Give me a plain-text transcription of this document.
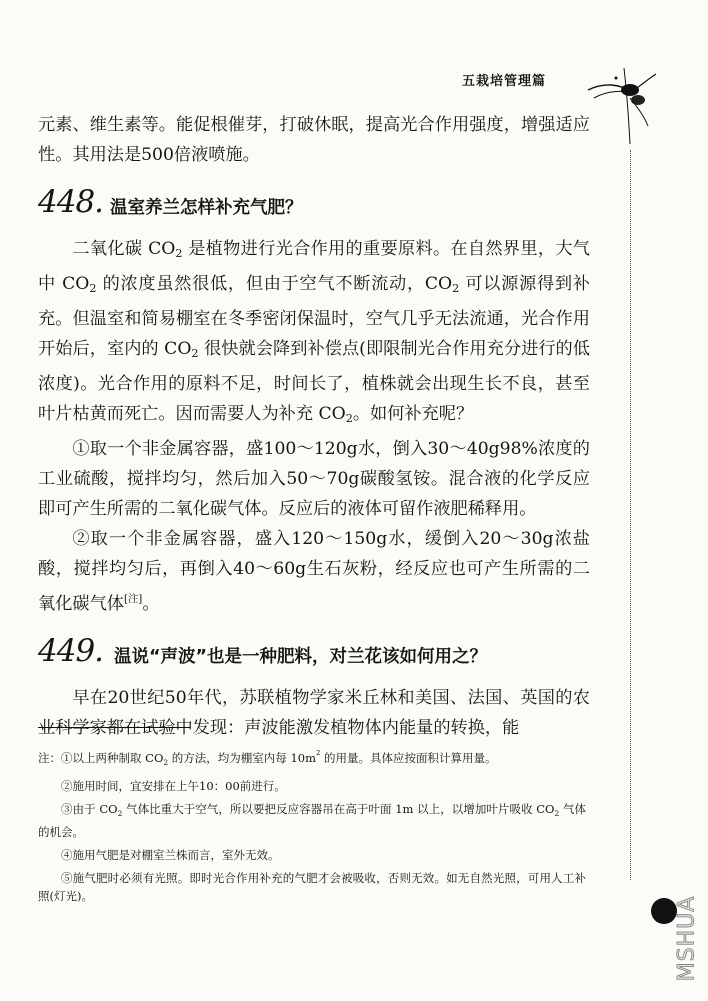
五栽培管理篇

元素、维生素等。能促根催芽，打破休眠，提高光合作用强度，增强适应性。其用法是500倍液喷施。

448. 温室养兰怎样补充气肥？

二氧化碳 $CO_2$ 是植物进行光合作用的重要原料。在自然界里，大气中 $CO_2$ 的浓度虽然很低，但由于空气不断流动，$CO_2$ 可以源源得到补充。但温室和简易棚室在冬季密闭保温时，空气几乎无法流通，光合作用开始后，室内的 $CO_2$ 很快就会降到补偿点(即限制光合作用充分进行的低浓度)。光合作用的原料不足，时间长了，植株就会出现生长不良，甚至叶片枯黄而死亡。因而需要人为补充 $CO_2$。如何补充呢？

①取一个非金属容器，盛100～120g水，倒入30～40g98%浓度的工业硫酸，搅拌均匀，然后加入50～70g碳酸氢铵。混合液的化学反应即可产生所需的二氧化碳气体。反应后的液体可留作液肥稀释用。

②取一个非金属容器，盛入120～150g水，缓倒入20～30g浓盐酸，搅拌均匀后，再倒入40～60g生石灰粉，经反应也可产生所需的二氧化碳气体[注]。

449. 温说“声波”也是一种肥料，对兰花该如何用之？

早在20世纪50年代，苏联植物学家米丘林和美国、法国、英国的农业科学家都在试验中发现：声波能激发植物体内能量的转换，能

注：①以上两种制取 $CO_2$ 的方法，均为棚室内每 $10m^2$ 的用量。具体应按面积计算用量。

②施用时间，宜安排在上午10：00前进行。

③由于 $CO_2$ 气体比重大于空气，所以要把反应容器吊在高于叶面 1m 以上，以增加叶片吸收 $CO_2$ 气体的机会。

④施用气肥是对棚室兰株而言，室外无效。

⑤施气肥时必须有光照。即时光合作用补充的气肥才会被吸收，否则无效。如无自然光照，可用人工补照(灯光)。	MSHUA
